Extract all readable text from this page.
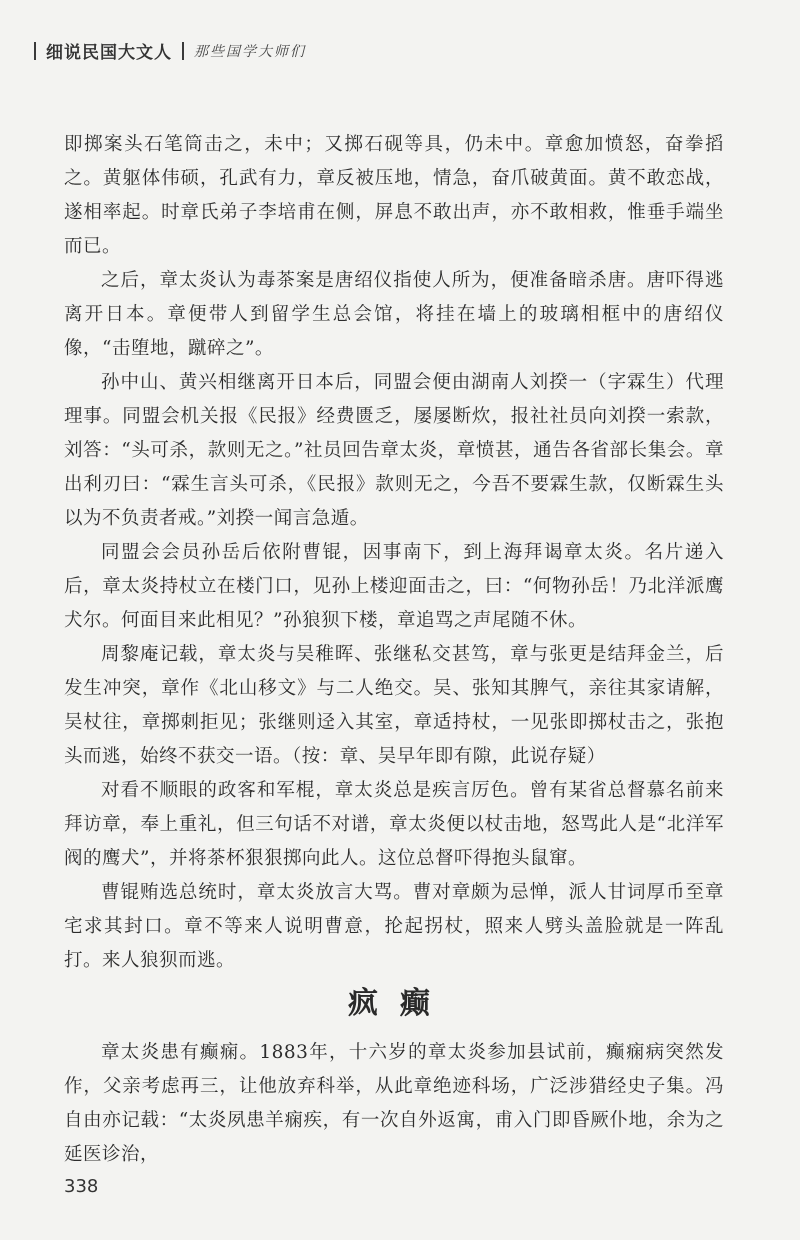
细说民国大文人 那些国学大师们

即掷案头石笔筒击之，未中；又掷石砚等具，仍未中。章愈加愤怒，奋拳搯之。黄躯体伟硕，孔武有力，章反被压地，情急，奋爪破黄面。黄不敢恋战，遂相率起。时章氏弟子李培甫在侧，屏息不敢出声，亦不敢相救，惟垂手端坐而已。

之后，章太炎认为毒茶案是唐绍仪指使人所为，便准备暗杀唐。唐吓得逃离开日本。章便带人到留学生总会馆，将挂在墙上的玻璃相框中的唐绍仪像，“击堕地，蹴碎之”。

孙中山、黄兴相继离开日本后，同盟会便由湖南人刘揆一（字霖生）代理理事。同盟会机关报《民报》经费匮乏，屡屡断炊，报社社员向刘揆一索款，刘答：“头可杀，款则无之。”社员回告章太炎，章愤甚，通告各省部长集会。章出利刃曰：“霖生言头可杀，《民报》款则无之，今吾不要霖生款，仅断霖生头以为不负责者戒。”刘揆一闻言急遁。

同盟会会员孙岳后依附曹锟，因事南下，到上海拜谒章太炎。名片递入后，章太炎持杖立在楼门口，见孙上楼迎面击之，曰：“何物孙岳！乃北洋派鹰犬尔。何面目来此相见？”孙狼狈下楼，章追骂之声尾随不休。

周黎庵记载，章太炎与吴稚晖、张继私交甚笃，章与张更是结拜金兰，后发生冲突，章作《北山移文》与二人绝交。吴、张知其脾气，亲往其家请解，吴杖往，章掷刺拒见；张继则迳入其室，章适持杖，一见张即掷杖击之，张抱头而逃，始终不获交一语。（按：章、吴早年即有隙，此说存疑）

对看不顺眼的政客和军棍，章太炎总是疾言厉色。曾有某省总督慕名前来拜访章，奉上重礼，但三句话不对谱，章太炎便以杖击地，怒骂此人是“北洋军阀的鹰犬”，并将茶杯狠狠掷向此人。这位总督吓得抱头鼠窜。

曹锟贿选总统时，章太炎放言大骂。曹对章颇为忌惮，派人甘词厚币至章宅求其封口。章不等来人说明曹意，抡起拐杖，照来人劈头盖脸就是一阵乱打。来人狼狈而逃。

疯癫

章太炎患有癫痫。1883年，十六岁的章太炎参加县试前，癫痫病突然发作，父亲考虑再三，让他放弃科举，从此章绝迹科场，广泛涉猎经史子集。冯自由亦记载：“太炎夙患羊痫疾，有一次自外返寓，甫入门即昏厥仆地，余为之延医诊治，

338
